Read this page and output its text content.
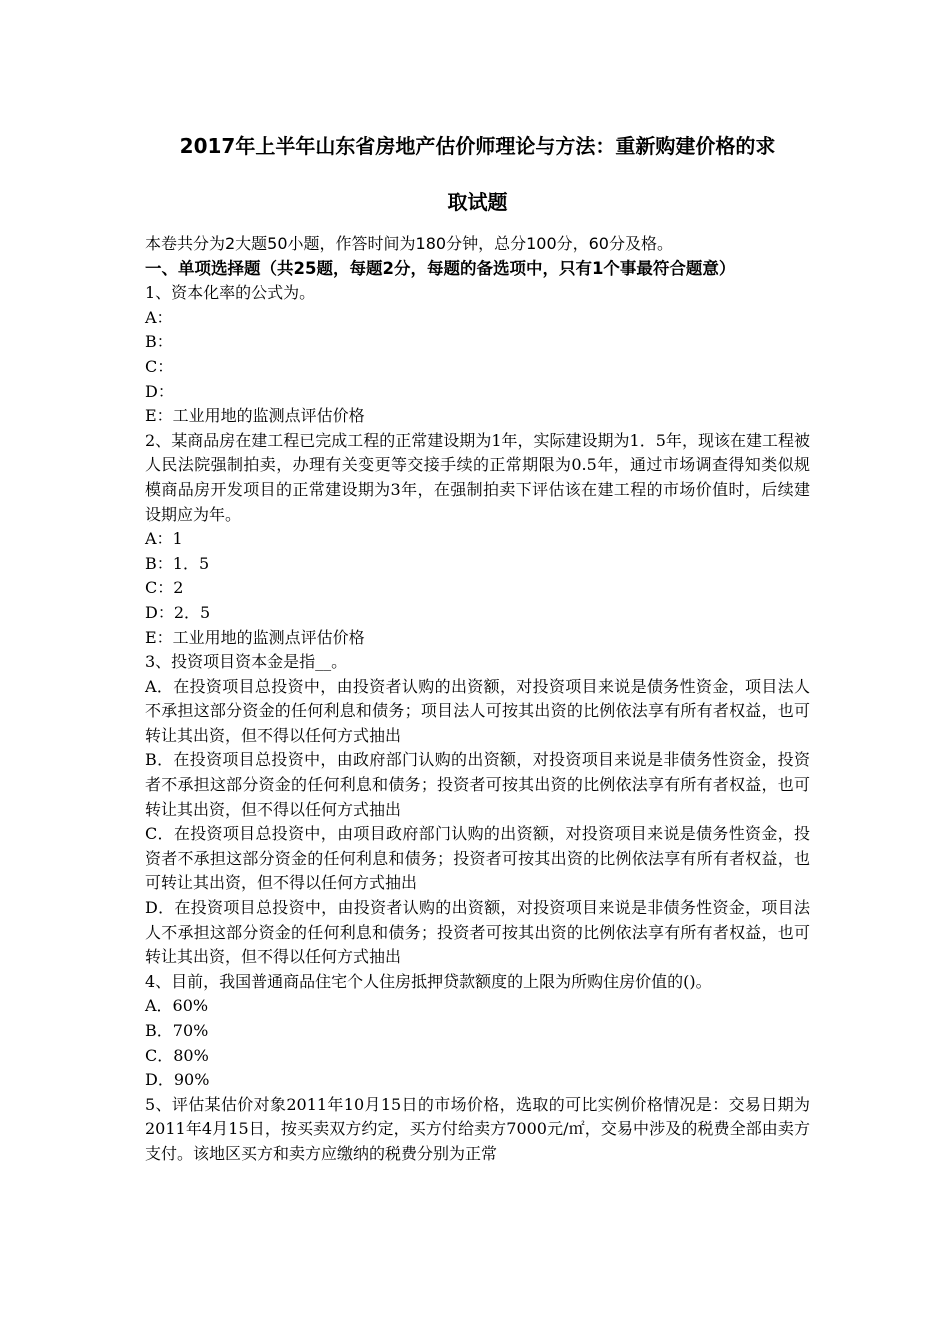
2017年上半年山东省房地产估价师理论与方法：重新购建价格的求
取试题
本卷共分为2大题50小题，作答时间为180分钟，总分100分，60分及格。
一、单项选择题（共25题，每题2分，每题的备选项中，只有1个事最符合题意）
1、资本化率的公式为。
A：
B：
C：
D：
E：工业用地的监测点评估价格
2、某商品房在建工程已完成工程的正常建设期为1年，实际建设期为1．5年，现该在建工程被人民法院强制拍卖，办理有关变更等交接手续的正常期限为0.5年，通过市场调查得知类似规模商品房开发项目的正常建设期为3年，在强制拍卖下评估该在建工程的市场价值时，后续建设期应为年。
A：1
B：1．5
C：2
D：2．5
E：工业用地的监测点评估价格
3、投资项目资本金是指__。
A．在投资项目总投资中，由投资者认购的出资额，对投资项目来说是债务性资金，项目法人不承担这部分资金的任何利息和债务；项目法人可按其出资的比例依法享有所有者权益，也可转让其出资，但不得以任何方式抽出
B．在投资项目总投资中，由政府部门认购的出资额，对投资项目来说是非债务性资金，投资者不承担这部分资金的任何利息和债务；投资者可按其出资的比例依法享有所有者权益，也可转让其出资，但不得以任何方式抽出
C．在投资项目总投资中，由项目政府部门认购的出资额，对投资项目来说是债务性资金，投资者不承担这部分资金的任何利息和债务；投资者可按其出资的比例依法享有所有者权益，也可转让其出资，但不得以任何方式抽出
D．在投资项目总投资中，由投资者认购的出资额，对投资项目来说是非债务性资金，项目法人不承担这部分资金的任何利息和债务；投资者可按其出资的比例依法享有所有者权益，也可转让其出资，但不得以任何方式抽出
4、目前，我国普通商品住宅个人住房抵押贷款额度的上限为所购住房价值的()。
A．60%
B．70%
C．80%
D．90%
5、评估某估价对象2011年10月15日的市场价格，选取的可比实例价格情况是：交易日期为2011年4月15日，按买卖双方约定，买方付给卖方7000元/㎡，交易中涉及的税费全部由卖方支付。该地区买方和卖方应缴纳的税费分别为正常
